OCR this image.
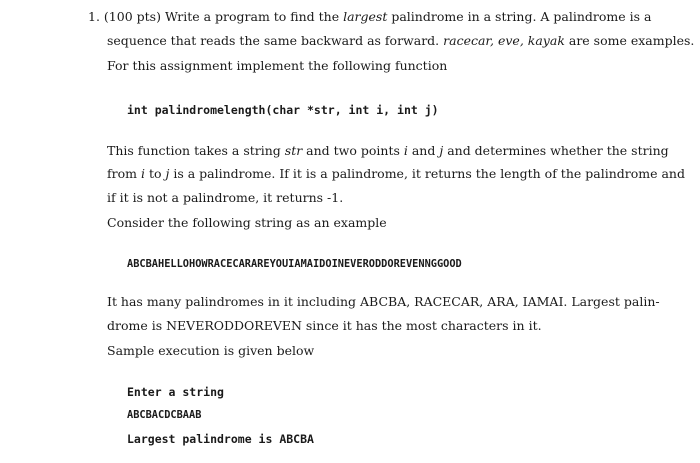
1. (100 pts) Write a program to find the largest palindrome in a string. A palindrome is a
sequence that reads the same backward as forward. racecar, eve, kayak are some examples.
For this assignment implement the following function
int palindromelength(char *str, int i, int j)
This function takes a string str and two points i and j and determines whether the string
from i to j is a palindrome. If it is a palindrome, it returns the length of the palindrome and
if it is not a palindrome, it returns -1.
Consider the following string as an example
ABCBAHELLOHOWRACECARAREYOUIAMAIDOINEVERODDOREVENNGGOOD
It has many palindromes in it including ABCBA, RACECAR, ARA, IAMAI. Largest palin-
drome is NEVERODDOREVEN since it has the most characters in it.
Sample execution is given below
Enter a string
ABCBACDCBAAB
Largest palindrome is ABCBA
